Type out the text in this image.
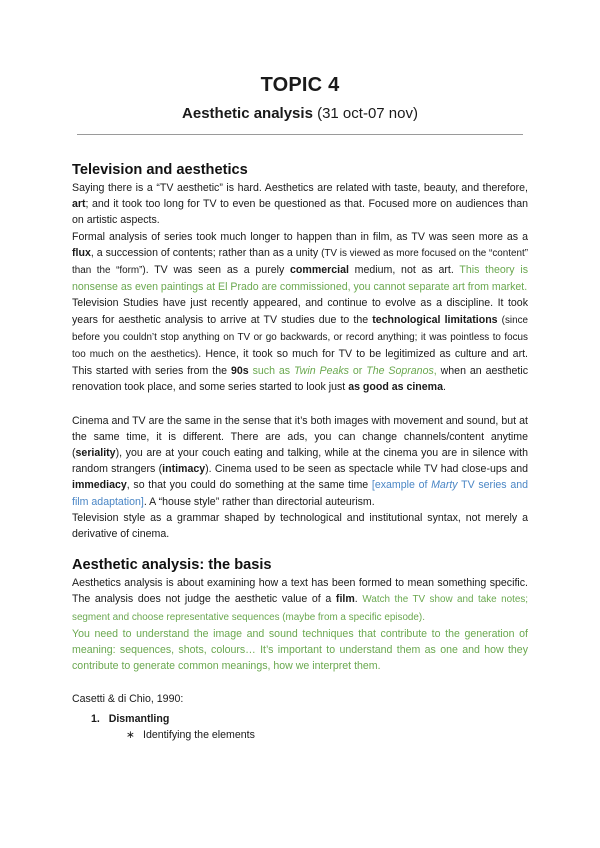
TOPIC 4
Aesthetic analysis (31 oct-07 nov)
Television and aesthetics

Saying there is a “TV aesthetic” is hard. Aesthetics are related with taste, beauty, and therefore, art; and it took too long for TV to even be questioned as that. Focused more on audiences than on artistic aspects.

Formal analysis of series took much longer to happen than in film, as TV was seen more as a flux, a succession of contents; rather than as a unity (TV is viewed as more focused on the “content” than the “form”). TV was seen as a purely commercial medium, not as art. This theory is nonsense as even paintings at El Prado are commissioned, you cannot separate art from market.

Television Studies have just recently appeared, and continue to evolve as a discipline. It took years for aesthetic analysis to arrive at TV studies due to the technological limitations (since before you couldn’t stop anything on TV or go backwards, or record anything; it was pointless to focus too much on the aesthetics). Hence, it took so much for TV to be legitimized as culture and art. This started with series from the 90s such as Twin Peaks or The Sopranos, when an aesthetic renovation took place, and some series started to look just as good as cinema.

Cinema and TV are the same in the sense that it’s both images with movement and sound, but at the same time, it is different. There are ads, you can change channels/content anytime (seriality), you are at your couch eating and talking, while at the cinema you are in silence with random strangers (intimacy). Cinema used to be seen as spectacle while TV had close-ups and immediacy, so that you could do something at the same time [example of Marty TV series and film adaptation]. A “house style” rather than directorial auteurism.

Television style as a grammar shaped by technological and institutional syntax, not merely a derivative of cinema.

Aesthetic analysis: the basis

Aesthetics analysis is about examining how a text has been formed to mean something specific. The analysis does not judge the aesthetic value of a film. Watch the TV show and take notes; segment and choose representative sequences (maybe from a specific episode).

You need to understand the image and sound techniques that contribute to the generation of meaning: sequences, shots, colours… It’s important to understand them as one and how they contribute to generate common meanings, how we interpret them.

Casetti & di Chio, 1990:

1. Dismantling
∗ Identifying the elements
